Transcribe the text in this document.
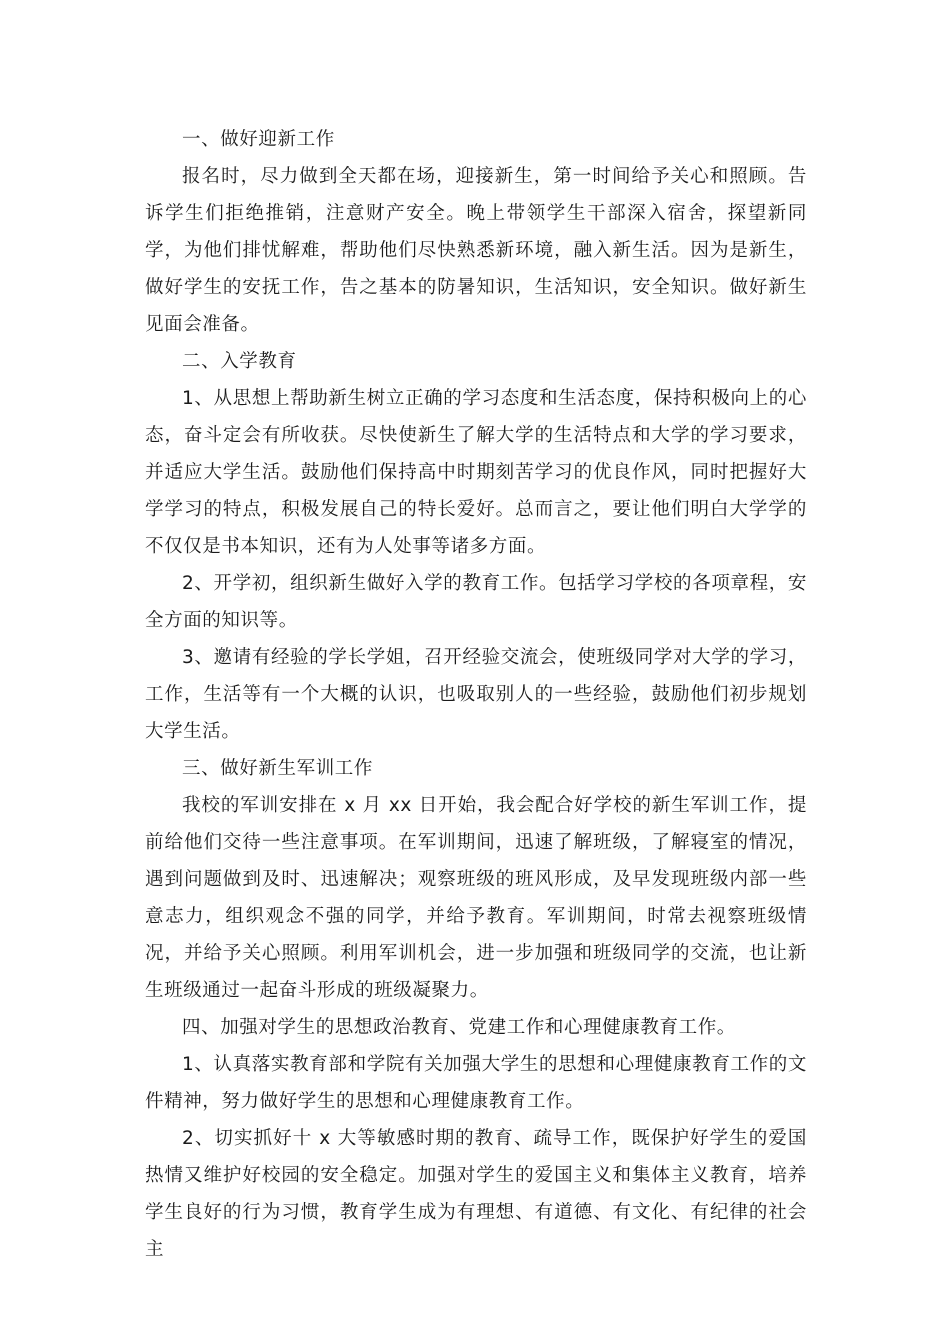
一、做好迎新工作

报名时，尽力做到全天都在场，迎接新生，第一时间给予关心和照顾。告诉学生们拒绝推销，注意财产安全。晚上带领学生干部深入宿舍，探望新同学，为他们排忧解难，帮助他们尽快熟悉新环境，融入新生活。因为是新生，做好学生的安抚工作，告之基本的防暑知识，生活知识，安全知识。做好新生见面会准备。

二、入学教育

1、从思想上帮助新生树立正确的学习态度和生活态度，保持积极向上的心态，奋斗定会有所收获。尽快使新生了解大学的生活特点和大学的学习要求，并适应大学生活。鼓励他们保持高中时期刻苦学习的优良作风，同时把握好大学学习的特点，积极发展自己的特长爱好。总而言之，要让他们明白大学学的不仅仅是书本知识，还有为人处事等诸多方面。

2、开学初，组织新生做好入学的教育工作。包括学习学校的各项章程，安全方面的知识等。

3、邀请有经验的学长学姐，召开经验交流会，使班级同学对大学的学习，工作，生活等有一个大概的认识，也吸取别人的一些经验，鼓励他们初步规划大学生活。

三、做好新生军训工作

我校的军训安排在 x 月 xx 日开始，我会配合好学校的新生军训工作，提前给他们交待一些注意事项。在军训期间，迅速了解班级，了解寝室的情况，遇到问题做到及时、迅速解决；观察班级的班风形成，及早发现班级内部一些意志力，组织观念不强的同学，并给予教育。军训期间，时常去视察班级情况，并给予关心照顾。利用军训机会，进一步加强和班级同学的交流，也让新生班级通过一起奋斗形成的班级凝聚力。

四、加强对学生的思想政治教育、党建工作和心理健康教育工作。

1、认真落实教育部和学院有关加强大学生的思想和心理健康教育工作的文件精神，努力做好学生的思想和心理健康教育工作。

2、切实抓好十 x 大等敏感时期的教育、疏导工作，既保护好学生的爱国热情又维护好校园的安全稳定。加强对学生的爱国主义和集体主义教育，培养学生良好的行为习惯，教育学生成为有理想、有道德、有文化、有纪律的社会主
